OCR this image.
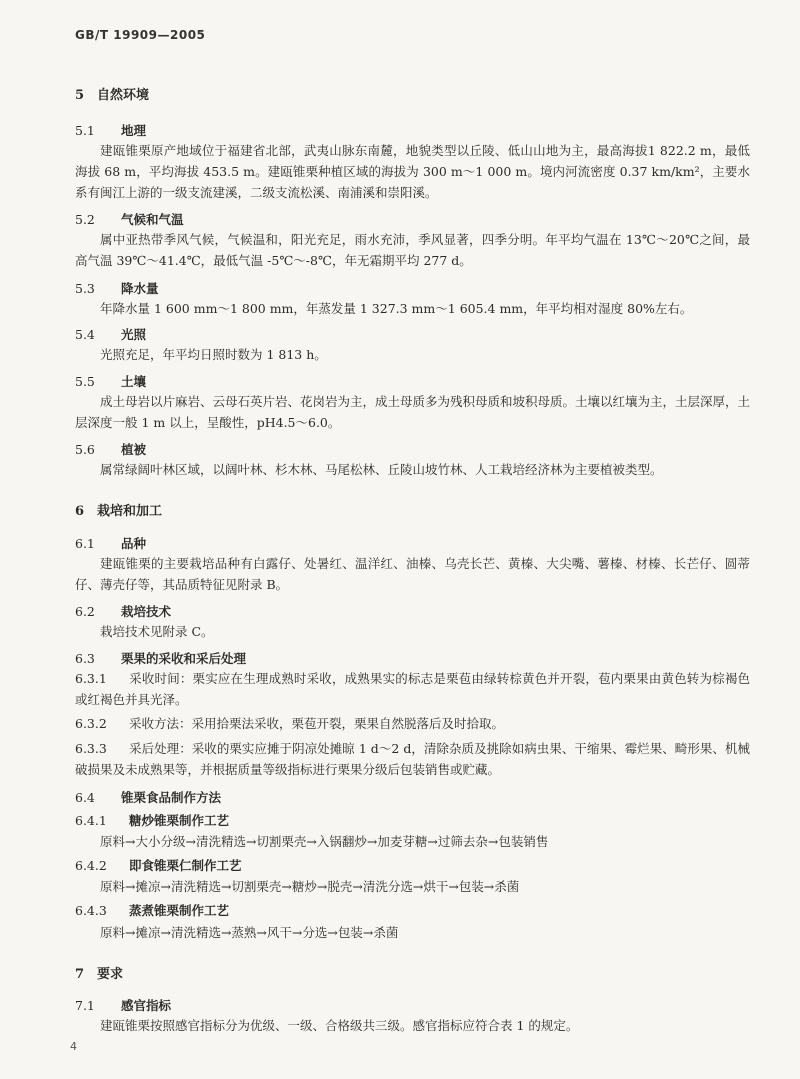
GB/T 19909—2005
5 自然环境
5.1 地理
建瓯锥栗原产地域位于福建省北部，武夷山脉东南麓，地貌类型以丘陵、低山山地为主，最高海拔1 822.2 m，最低海拔 68 m，平均海拔 453.5 m。建瓯锥栗种植区域的海拔为 300 m～1 000 m。境内河流密度 0.37 km/km²，主要水系有闽江上游的一级支流建溪，二级支流松溪、南浦溪和崇阳溪。
5.2 气候和气温
属中亚热带季风气候，气候温和，阳光充足，雨水充沛，季风显著，四季分明。年平均气温在 13℃～20℃之间，最高气温 39℃～41.4℃，最低气温 -5℃～-8℃，年无霜期平均 277 d。
5.3 降水量
年降水量 1 600 mm～1 800 mm，年蒸发量 1 327.3 mm～1 605.4 mm，年平均相对湿度 80%左右。
5.4 光照
光照充足，年平均日照时数为 1 813 h。
5.5 土壤
成土母岩以片麻岩、云母石英片岩、花岗岩为主，成土母质多为残积母质和坡积母质。土壤以红壤为主，土层深厚，土层深度一般 1 m 以上，呈酸性，pH4.5～6.0。
5.6 植被
属常绿阔叶林区域，以阔叶林、杉木林、马尾松林、丘陵山坡竹林、人工栽培经济林为主要植被类型。
6 栽培和加工
6.1 品种
建瓯锥栗的主要栽培品种有白露仔、处暑红、温洋红、油榛、乌壳长芒、黄榛、大尖嘴、薯榛、材榛、长芒仔、圆蒂仔、薄壳仔等，其品质特征见附录 B。
6.2 栽培技术
栽培技术见附录 C。
6.3 栗果的采收和采后处理
6.3.1 采收时间：栗实应在生理成熟时采收，成熟果实的标志是栗苞由绿转棕黄色并开裂，苞内栗果由黄色转为棕褐色或红褐色并具光泽。
6.3.2 采收方法：采用拾栗法采收，栗苞开裂，栗果自然脱落后及时拾取。
6.3.3 采后处理：采收的栗实应摊于阴凉处摊晾 1 d～2 d，清除杂质及挑除如病虫果、干缩果、霉烂果、畸形果、机械破损果及未成熟果等，并根据质量等级指标进行栗果分级后包装销售或贮藏。
6.4 锥栗食品制作方法
6.4.1 糖炒锥栗制作工艺
原料→大小分级→清洗精选→切割栗壳→入锅翻炒→加麦芽糖→过筛去杂→包装销售
6.4.2 即食锥栗仁制作工艺
原料→摊凉→清洗精选→切割栗壳→糖炒→脱壳→清洗分选→烘干→包装→杀菌
6.4.3 蒸煮锥栗制作工艺
原料→摊凉→清洗精选→蒸熟→风干→分选→包装→杀菌
7 要求
7.1 感官指标
建瓯锥栗按照感官指标分为优级、一级、合格级共三级。感官指标应符合表 1 的规定。
4
